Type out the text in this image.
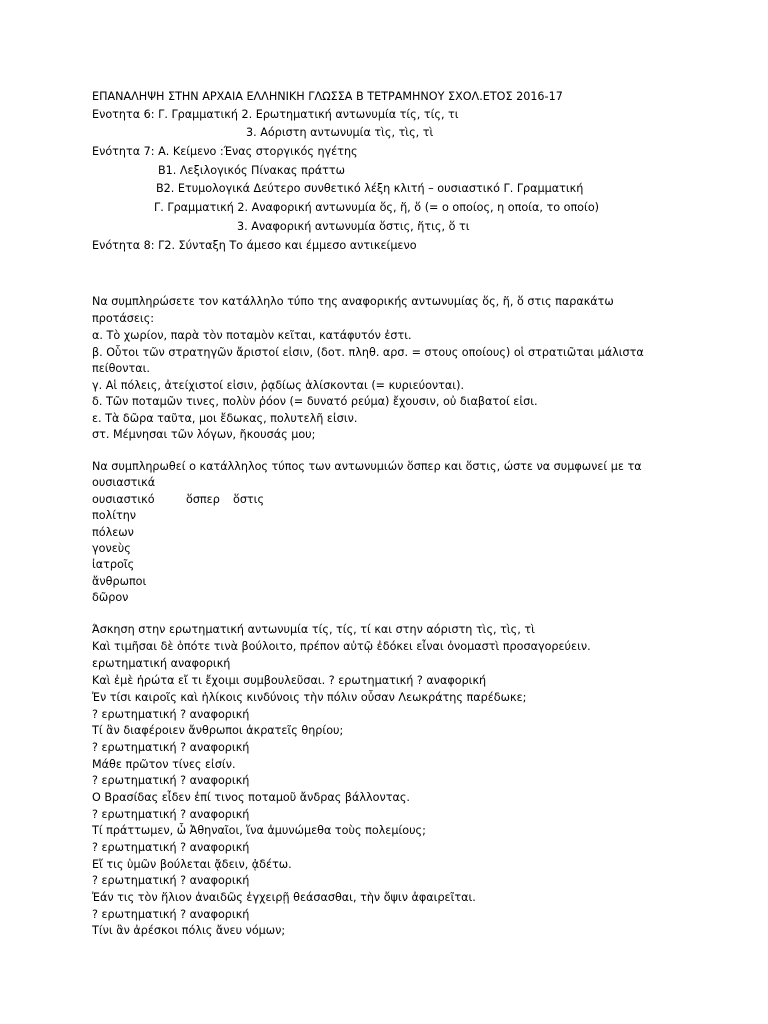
ΕΠΑΝΑΛΗΨΗ ΣΤΗΝ ΑΡΧΑΙΑ ΕΛΛΗΝΙΚΗ ΓΛΩΣΣΑ Β ΤΕΤΡΑΜΗΝΟΥ ΣΧΟΛ.ΕΤΟΣ 2016-17
Ενοτητα 6: Γ. Γραμματική 2. Ερωτηματική αντωνυμία τίς, τίς, τι
3. Αόριστη αντωνυμία τὶς, τὶς, τὶ
Ενότητα 7: Α. Κείμενο :Ένας στοργικός ηγέτης
Β1. Λεξιλογικός Πίνακας πράττω
Β2. Ετυμολογικά Δεύτερο συνθετικό λέξη κλιτή – ουσιαστικό Γ. Γραμματική
Γ. Γραμματική 2. Αναφορική αντωνυμία ὅς, ἥ, ὅ (= ο οποίος, η οποία, το οποίο)
3. Αναφορική αντωνυμία ὅστις, ἥτις, ὅ τι
Ενότητα 8: Γ2. Σύνταξη Το άμεσο και έμμεσο αντικείμενο
Να συμπληρώσετε τον κατάλληλο τύπο της αναφορικής αντωνυμίας ὅς, ἥ, ὅ στις παρακάτω
προτάσεις:
α. Τὸ χωρίον, παρὰ τὸν ποταμὸν κεῖται, κατάφυτόν ἐστι.
β. Οὗτοι τῶν στρατηγῶν ἄριστοί εἰσιν, (δοτ. πληθ. αρσ. = στους οποίους) οἱ στρατιῶται μάλιστα
πείθονται.
γ. Αἱ πόλεις, ἀτείχιστοί εἰσιν, ῥᾳδίως ἁλίσκονται (= κυριεύονται).
δ. Τῶν ποταμῶν τινες, πολὺν ῥόον (= δυνατό ρεύμα) ἔχουσιν, οὐ διαβατοί εἰσι.
ε. Τὰ δῶρα ταῦτα, μοι ἔδωκας, πολυτελῆ εἰσιν.
στ. Μέμνησαι τῶν λόγων, ἤκουσάς μου;
Να συμπληρωθεί ο κατάλληλος τύπος των αντωνυμιών ὅσπερ και ὅστις, ώστε να συμφωνεί με τα
ουσιαστικά
ουσιαστικό	ὅσπερ ὅστις
πολίτην
πόλεων
γονεὺς
ἰατροῖς
ἄνθρωποι
δῶρον
Άσκηση στην ερωτηματική αντωνυμία τίς, τίς, τί και στην αόριστη τὶς, τὶς, τὶ
Καὶ τιμῆσαι δὲ ὁπότε τινὰ βούλοιτο, πρέπον αὐτῷ ἐδόκει εἶναι ὀνομαστὶ προσαγορεύειν.
ερωτηματική αναφορική
Καὶ ἐμὲ ἠρώτα εἴ τι ἔχοιμι συμβουλεῦσαι. ? ερωτηματική ? αναφορική
Ἐν τίσι καιροῖς καὶ ἡλίκοις κινδύνοις τὴν πόλιν οὖσαν Λεωκράτης παρέδωκε;
? ερωτηματική ? αναφορική
Τί ἂν διαφέροιεν ἄνθρωποι ἀκρατεῖς θηρίου;
? ερωτηματική ? αναφορική
Μάθε πρῶτον τίνες εἰσίν.
? ερωτηματική ? αναφορική
Ο Βρασίδας εἶδεν ἐπί τινος ποταμοῦ ἄνδρας βάλλοντας.
? ερωτηματική ? αναφορική
Τί πράττωμεν, ὦ Ἀθηναῖοι, ἵνα ἀμυνώμεθα τοὺς πολεμίους;
? ερωτηματική ? αναφορική
Εἴ τις ὑμῶν βούλεται ᾄδειν, ᾀδέτω.
? ερωτηματική ? αναφορική
Ἐάν τις τὸν ἥλιον ἀναιδῶς ἐγχειρῇ θεάσασθαι, τὴν ὄψιν ἀφαιρεῖται.
? ερωτηματική ? αναφορική
Τίνι ἂν ἀρέσκοι πόλις ἄνευ νόμων;
